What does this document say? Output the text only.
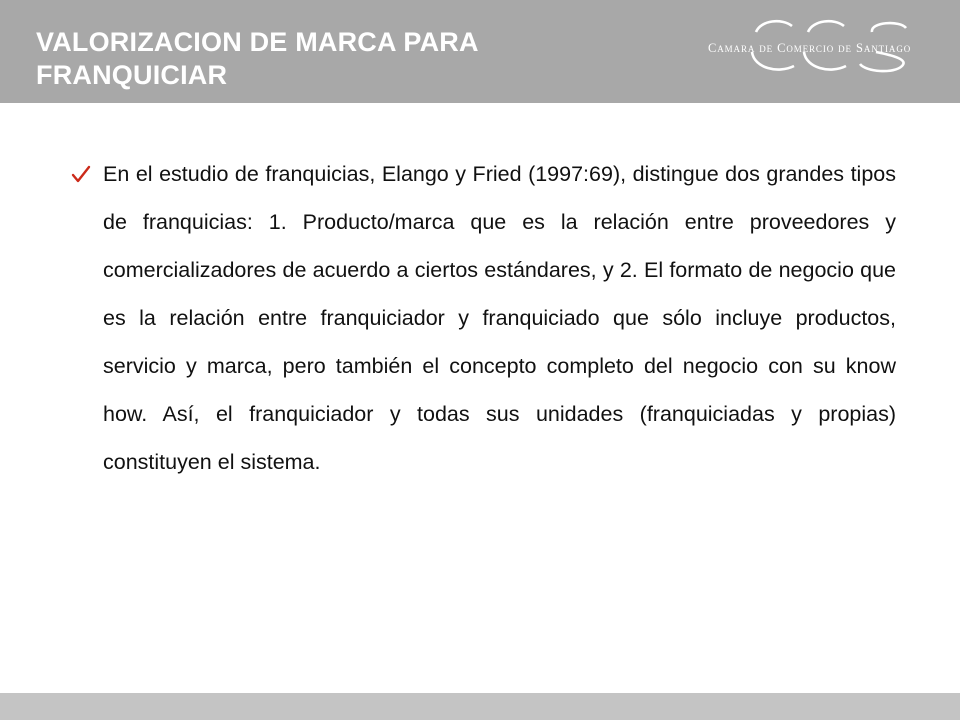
VALORIZACION DE MARCA PARA FRANQUICIAR
Camara de Comercio de Santiago

En el estudio de franquicias, Elango y Fried (1997:69), distingue dos grandes tipos de franquicias: 1. Producto/marca que es la relación entre proveedores y comercializadores de acuerdo a ciertos estándares, y 2. El formato de negocio que es la relación entre franquiciador y franquiciado que sólo incluye productos, servicio y marca, pero también el concepto completo del negocio con su know how. Así, el franquiciador y todas sus unidades (franquiciadas y propias) constituyen el sistema.
